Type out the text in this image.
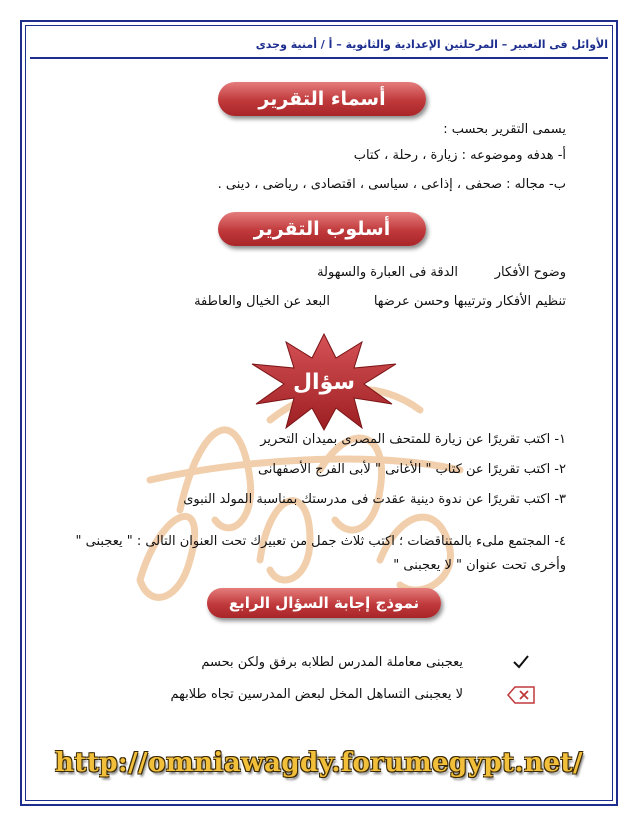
الأوائل فى التعبير – المرحلتين الإعدادية والثانوية – أ / أمنية وجدى
أسماء التقرير
يسمى التقرير بحسب :
أ- هدفه وموضوعه : زيارة ، رحلة ، كتاب
ب- مجاله : صحفى ، إذاعى ، سياسى ، اقتصادى ، رياضى ، دينى .
أسلوب التقرير
وضوح الأفكار
الدقة فى العبارة والسهولة
تنظيم الأفكار وترتيبها وحسن عرضها
البعد عن الخيال والعاطفة
سؤال
١- اكتب تقريرًا عن زيارة للمتحف المصرى بميدان التحرير
٢- اكتب تقريرًا عن كتاب " الأغانى " لأبى الفرج الأصفهانى
٣- اكتب تقريرًا عن ندوة دينية عقدت فى مدرستك بمناسبة المولد النبوى
٤- المجتمع ملىء بالمتناقضات ؛ اكتب ثلاث جمل من تعبيرك تحت العنوان التالى : " يعجبنى "
وأخرى تحت عنوان " لا يعجبنى "
نموذج إجابة السؤال الرابع
يعجبنى معاملة المدرس لطلابه برفق ولكن بحسم
لا يعجبنى التساهل المخل لبعض المدرسين تجاه طلابهم
http://omniawagdy.forumegypt.net/
